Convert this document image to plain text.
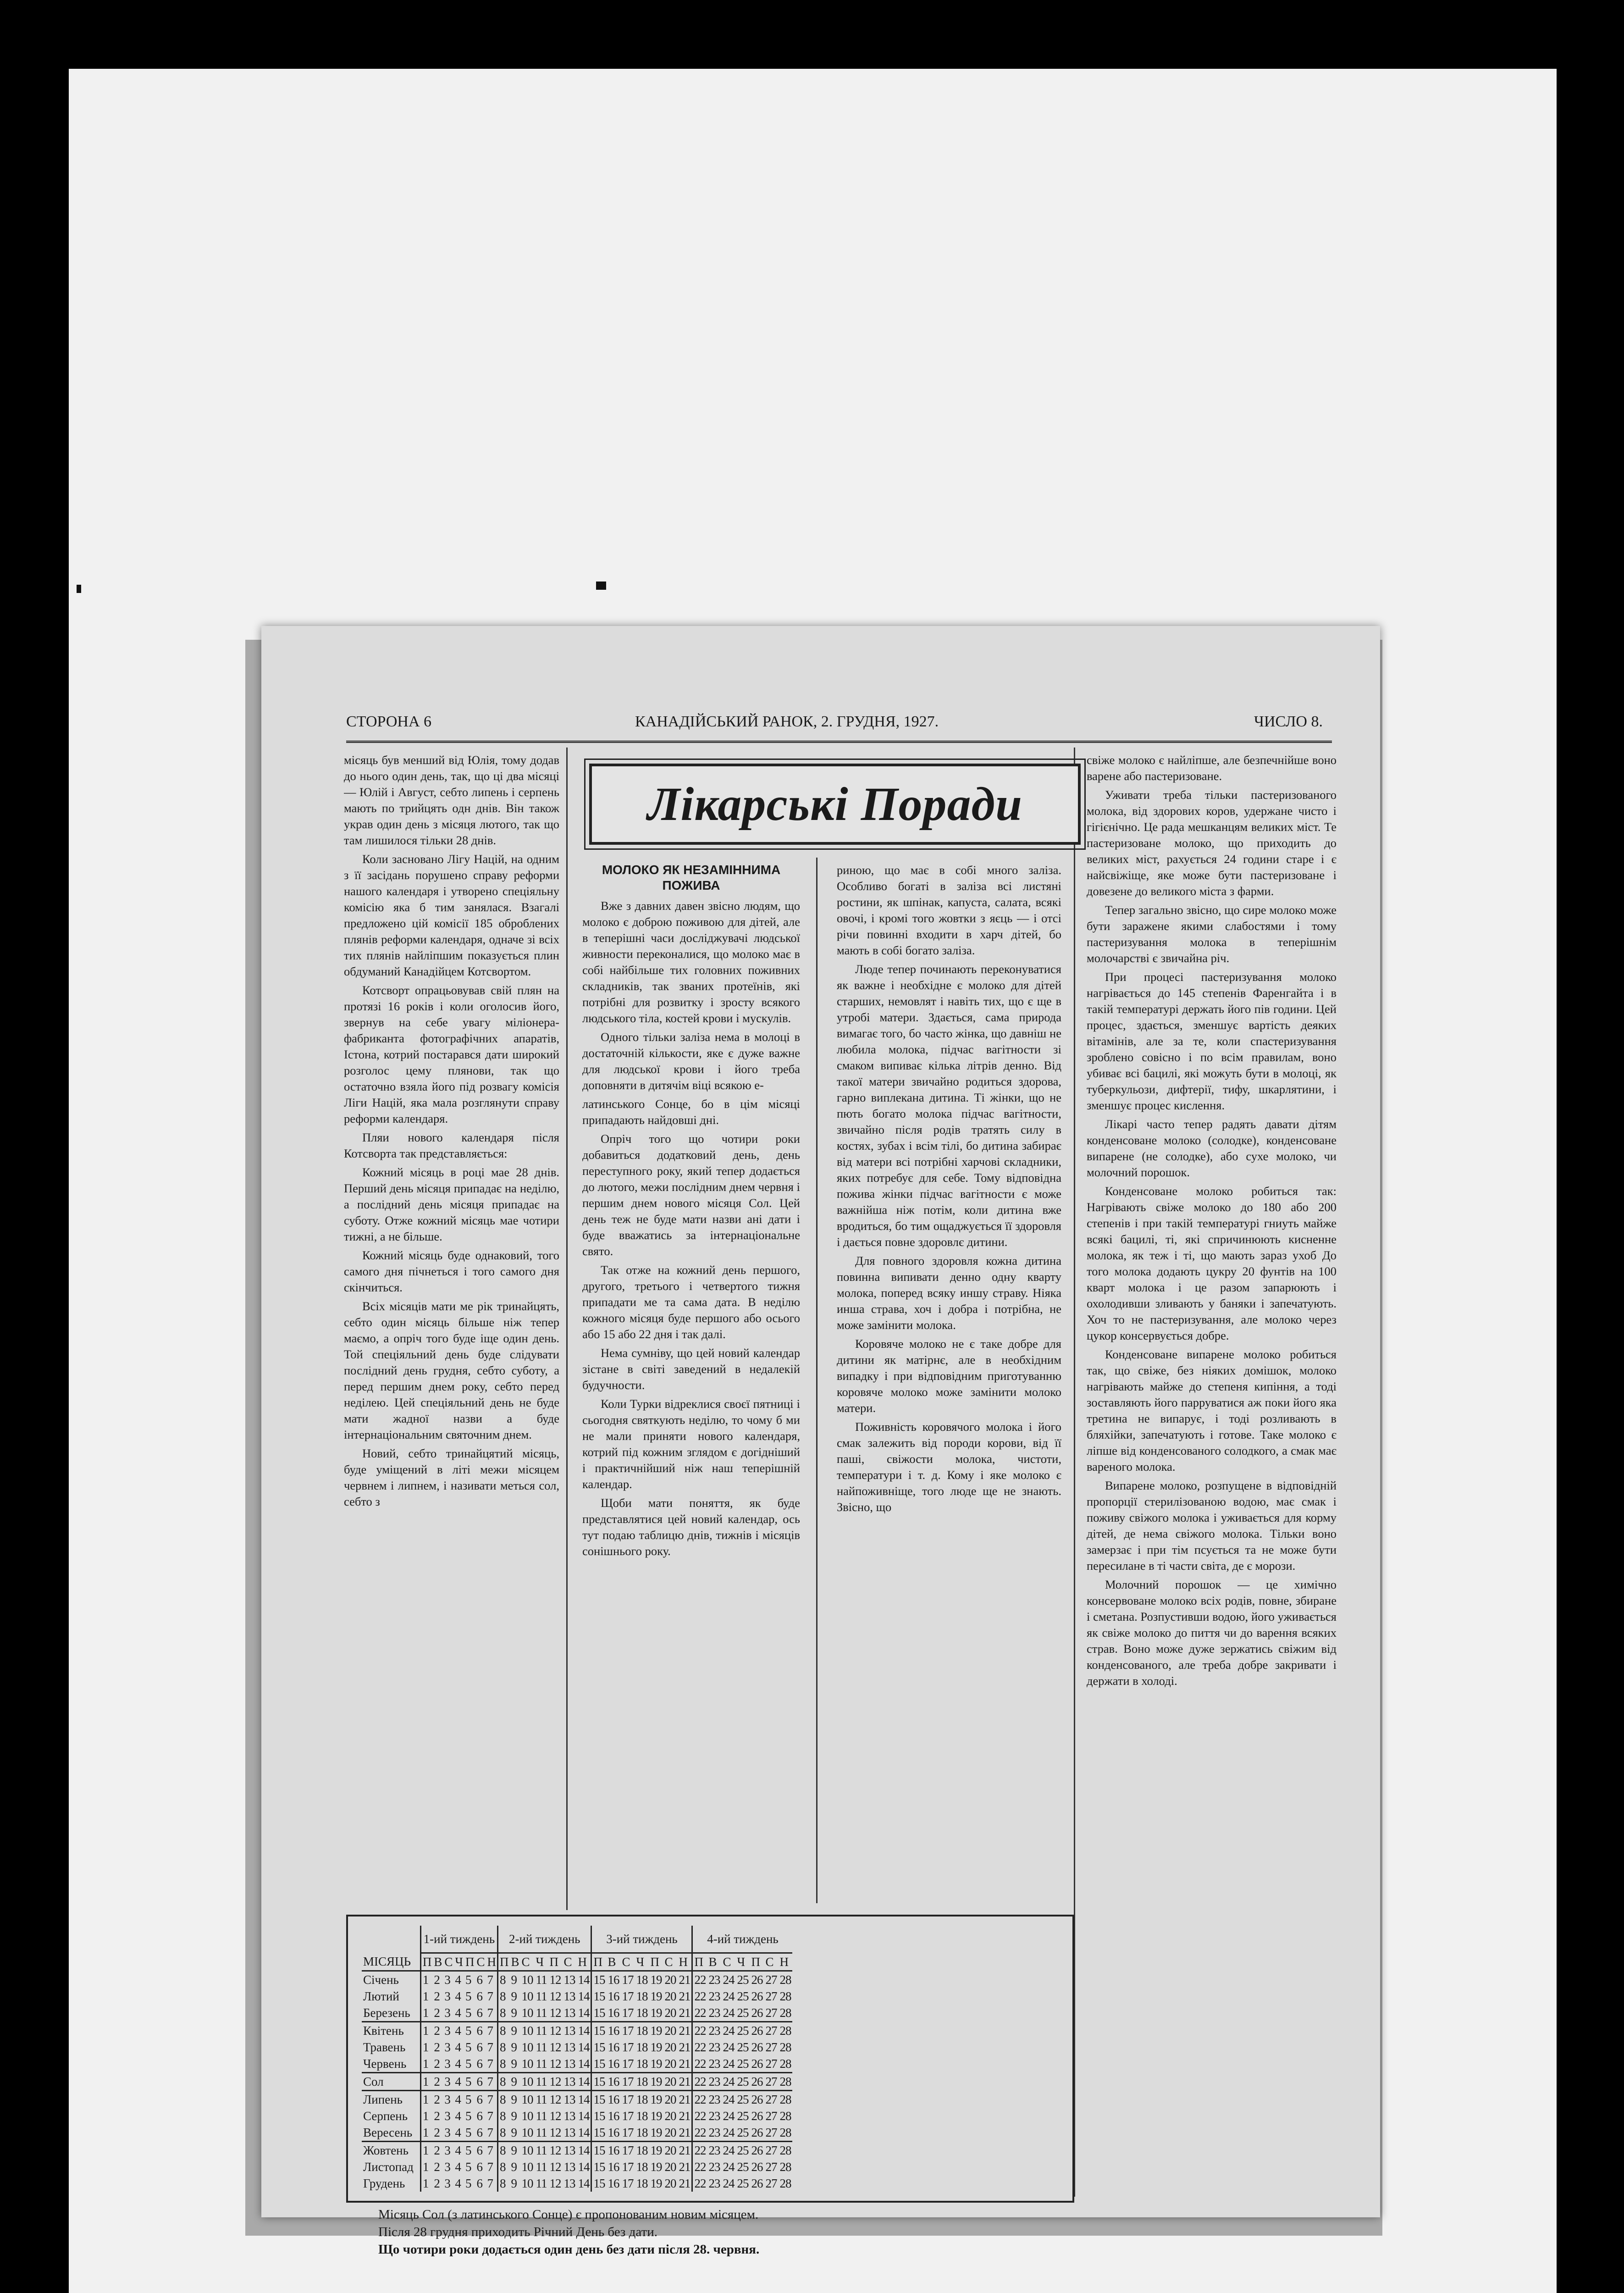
СТОРОНА 6	КАНАДІЙСЬКИЙ РАНОК, 2. ГРУДНЯ, 1927.	ЧИСЛО 8.

місяць був менший від Юлія, тому додав до нього один день, так, що ці два місяці — Юлій і Август, себто липень і серпень мають по трийцять одн днів. Він також украв один день з місяця лютого, так що там лишилося тільки 28 днів.

Коли засновано Лігу Націй, на одним з її засідань порушено справу реформи нашого календаря і утворено спеціяльну комісію яка б тим занялася. Взагалі предложено цій комісії 185 оброблених плянів реформи календаря, одначе зі всіх тих плянів найліпшим показується плин обдуманий Канадійцем Котсвортом.

Котсворт опрацьовував свій плян на протязі 16 років і коли оголосив його, звернув на себе увагу міліонера-фабриканта фотографічних апаратів, Істона, котрий постарався дати широкий розголос цему плянови, так що остаточно взяла його під розвагу комісія Ліги Націй, яка мала розглянути справу реформи календаря.

Пляи нового календаря після Котсворта так представляється:

Кожний місяць в році мае 28 днів. Перший день місяця припадає на неділю, а послідний день місяця припадає на суботу. Отже кожний місяць мае чотири тижні, а не більше.

Кожний місяць буде однаковий, того самого дня пічнеться і того самого дня скінчиться.

Всіх місяців мати ме рік тринайцять, себто один місяць більше ніж тепер маємо, а опріч того буде іще один день. Той спеціяльний день буде слідувати послідний день грудня, себто суботу, а перед першим днем року, себто перед неділею. Цей спеціяльний день не буде мати жадної назви а буде інтернаціональним святочним днем.

Новий, себто тринайцятий місяць, буде умiщений в літі межи місяцем червнем і липнем, і називати меться сол, себто з

Лікарські Поради

МОЛОКО ЯК НЕЗАМІННИМА ПОЖИВА

Вже з давних давен звісно людям, що молоко є доброю поживою для дітей, але в теперішні часи досліджувачі людської живности переконалися, що молоко має в собі найбільше тих головних поживних складників, так званих протеїнів, які потрібні для розвитку і зросту всякого людського тіла, костей крови і мускулів.

Одного тільки заліза нема в молоці в достаточній кількости, яке є дуже важне для людської крови і його треба доповняти в дитячім віці всякою е-

латинського Сонце, бо в цім місяці припадають найдовші дні.

Опріч того що чотири роки добавиться додатковий день, день переступного року, який тепер додається до лютого, межи послідним днем червня і першим днем нового місяця Сол. Цей день теж не буде мати назви ані дати і буде вважатись за інтернаціональне свято.

Так отже на кожний день першого, другого, третього і четвертого тижня припадати ме та сама дата. В неділю кожного місяця буде першого або осього або 15 або 22 дня і так далі.

Нема сумніву, що цей новий календар зістане в світі заведений в недалекій будучности.

Коли Турки відреклися своєї пятниці і сьогодня святкують неділю, то чому б ми не мали приняти нового календаря, котрий під кожним зглядом є догідніший і практичнійший ніж наш теперішній календар.

Щоби мати поняття, як буде представлятися цей новий календар, ось тут подаю таблицю днів, тижнів і місяців сонішнього року.

риною, що має в собі много заліза. Особливо богаті в заліза всі листяні ростини, як шпінак, капуста, салата, всякі овочі, і кромі того жовтки з яєць — і отсі річи повинні входити в харч дітей, бо мають в собі богато заліза.

Люде тепер починають переконуватися як важне і необхідне є молоко для дітей старших, немовлят і навіть тих, що є ще в утробі матери. Здається, сама природа вимагає того, бо часто жінка, що давніш не любила молока, підчас вагітности зі смаком випиває кілька літрів денно. Від такої матери звичайно родиться здорова, гарно виплекана дитина. Ті жінки, що не пють богато молока підчас вагітности, звичайно після родів тратять силу в костях, зубах і всім тілі, бо дитина забирає від матери всі потрібні харчові складники, яких потребує для себе. Тому відповідна пожива жінки підчас вагітности є може важнійша ніж потім, коли дитина вже вродиться, бо тим ощаджується її здоровля і дається повне здоровлє дитини.

Для повного здоровля кожна дитина повинна випивати денно одну кварту молока, поперед всяку иншу страву. Ніяка инша страва, хоч і добра і потрібна, не може замінити молока.

Коровяче молоко не є таке добре для дитини як матірнє, але в необхідним випадку і при відповідним приготуванню коровяче молоко може замінити молоко матери.

Поживність коровячого молока і його смак залежить від породи корови, від її паші, свіжости молока, чистоти, температури і т. д. Кому і яке молоко є найпоживніще, того люде ще не знають. Звісно, що

свіже молоко є найліпше, але безпечнійше воно варене або пастеризоване.

Уживати треба тільки пастеризованого молока, від здорових коров, удержане чисто і гігієнічно. Це рада мешканцям великих міст. Те пастеризоване молоко, що приходить до великих міст, рахується 24 години старе і є найсвіжіще, яке може бути пастеризоване і довезене до великого міста з фарми.

Тепер загально звісно, що сире молоко може бути заражене якими слабостями і тому пастеризування молока в теперішнім молочарстві є звичайна річ.

При процесі пастеризування молоко нагрівається до 145 степенів Фаренгайта і в такій температурі держать його пів години. Цей процес, здається, зменшує вартість деяких вітамінів, але за те, коли спастеризування зроблено совісно і по всім правилам, воно убиває всі бацилі, які можуть бути в молоці, як туберкульози, дифтерії, тифу, шкарлятини, і зменшує процес кислення.

Лікарі часто тепер радять давати дітям конденсоване молоко (солодке), конденсоване випарене (не солодке), або сухе молоко, чи молочний порошок.

Конденсоване молоко робиться так: Нагрівають свіже молоко до 180 або 200 степенів і при такій температурі гниуть майже всякі бацилі, ті, які спричинюють кисненне молока, як теж і ті, що мають зараз ухоб До того молока додають цукру 20 фунтів на 100 кварт молока і це разом запарюють і охолодивши зливають у баняки і запечатують. Хоч то не пастеризування, але молоко через цукор консервується добре.

Конденсоване випарене молоко робиться так, що свіже, без ніяких домішок, молоко нагрівають майже до степеня кипіння, а тоді зоставляють його парруватися аж поки його яка третина не випарує, і тоді розливають в бляхійки, запечатують і готове. Таке молоко є ліпше від конденсованого солодкого, а смак має вареного молока.

Випарене молоко, розпущене в відповідній пропорції стерилізованою водою, має смак і поживу свіжого молока і уживається для корму дітей, де нема свіжого молока. Тільки воно замерзає і при тім псується та не може бути пересилане в ті части світа, де є морози.

Молочний порошок — це химічно консервоване молоко всіх родів, повне, збиране і сметана. Розпустивши водою, його уживається як свіже молоко до пиття чи до варення всяких страв. Воно може дуже зержатись свіжим від конденсованого, але треба добре закривати і держати в холоді.

	1-ий тиждень							2-ий тиждень							3-ий тиждень							4-ий тиждень						
МІСЯЦЬ	П	В	С	Ч	П	С	Н	П	В	С	Ч	П	С	Н	П	В	С	Ч	П	С	Н	П	В	С	Ч	П	С	Н
Січень	1	2	3	4	5	6	7	8	9	10	11	12	13	14	15	16	17	18	19	20	21	22	23	24	25	26	27	28
Лютий	1	2	3	4	5	6	7	8	9	10	11	12	13	14	15	16	17	18	19	20	21	22	23	24	25	26	27	28
Березень	1	2	3	4	5	6	7	8	9	10	11	12	13	14	15	16	17	18	19	20	21	22	23	24	25	26	27	28
Квітень	1	2	3	4	5	6	7	8	9	10	11	12	13	14	15	16	17	18	19	20	21	22	23	24	25	26	27	28
Травень	1	2	3	4	5	6	7	8	9	10	11	12	13	14	15	16	17	18	19	20	21	22	23	24	25	26	27	28
Червень	1	2	3	4	5	6	7	8	9	10	11	12	13	14	15	16	17	18	19	20	21	22	23	24	25	26	27	28
Сол	1	2	3	4	5	6	7	8	9	10	11	12	13	14	15	16	17	18	19	20	21	22	23	24	25	26	27	28
Липень	1	2	3	4	5	6	7	8	9	10	11	12	13	14	15	16	17	18	19	20	21	22	23	24	25	26	27	28
Серпень	1	2	3	4	5	6	7	8	9	10	11	12	13	14	15	16	17	18	19	20	21	22	23	24	25	26	27	28
Вересень	1	2	3	4	5	6	7	8	9	10	11	12	13	14	15	16	17	18	19	20	21	22	23	24	25	26	27	28
Жовтень	1	2	3	4	5	6	7	8	9	10	11	12	13	14	15	16	17	18	19	20	21	22	23	24	25	26	27	28
Листопад	1	2	3	4	5	6	7	8	9	10	11	12	13	14	15	16	17	18	19	20	21	22	23	24	25	26	27	28
Грудень	1	2	3	4	5	6	7	8	9	10	11	12	13	14	15	16	17	18	19	20	21	22	23	24	25	26	27	28

Місяць Сол (з латинського Сонце) є пропонованим новим місяцем.

Після 28 грудня приходить Річний День без дати.

Що чотири роки додається один день без дати після 28. червня.
